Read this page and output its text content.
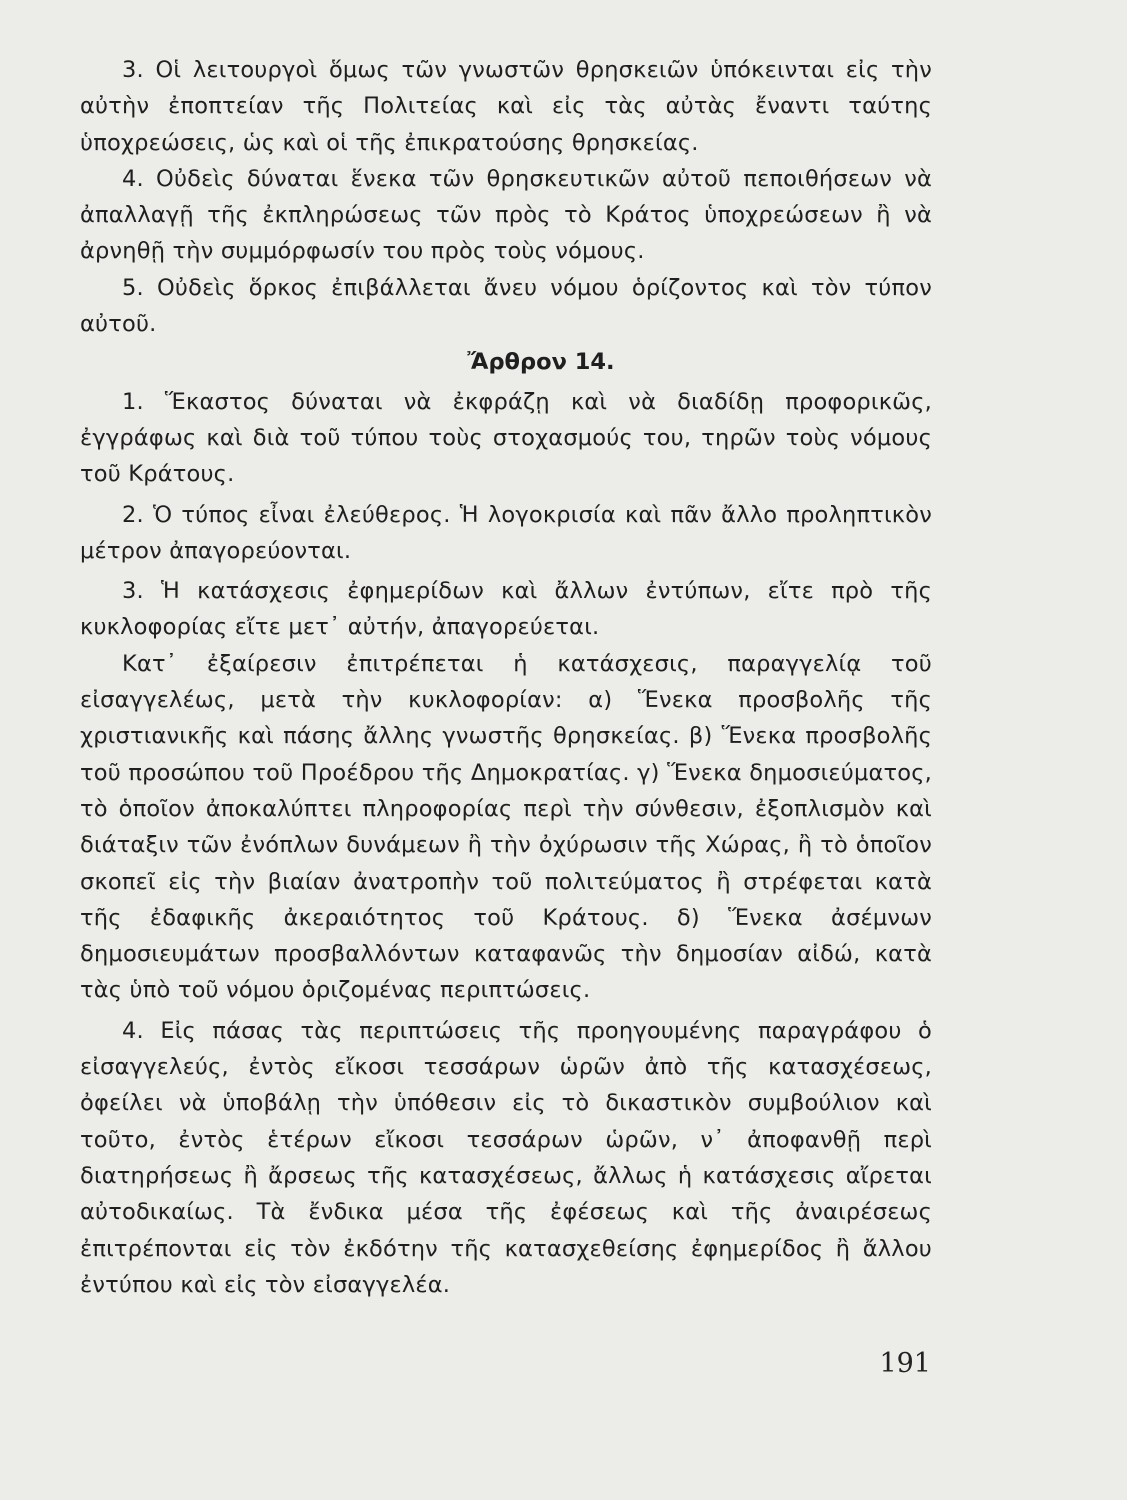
3. Οἱ λειτουργοὶ ὅμως τῶν γνωστῶν θρησκειῶν ὑπόκεινται εἰς τὴν αὐτὴν ἐποπτείαν τῆς Πολιτείας καὶ εἰς τὰς αὐτὰς ἔναντι ταύτης ὑποχρεώσεις, ὡς καὶ οἱ τῆς ἐπικρατούσης θρησκείας.

4. Οὐδεὶς δύναται ἕνεκα τῶν θρησκευτικῶν αὐτοῦ πεποιθήσεων νὰ ἀπαλλαγῇ τῆς ἐκπληρώσεως τῶν πρὸς τὸ Κράτος ὑποχρεώσεων ἢ νὰ ἀρνηθῇ τὴν συμμόρφωσίν του πρὸς τοὺς νόμους.

5. Οὐδεὶς ὅρκος ἐπιβάλλεται ἄνευ νόμου ὁρίζοντος καὶ τὸν τύπον αὐτοῦ.

Ἄρθρον 14.

1. Ἕκαστος δύναται νὰ ἐκφράζῃ καὶ νὰ διαδίδῃ προφορικῶς, ἐγγράφως καὶ διὰ τοῦ τύπου τοὺς στοχασμούς του, τηρῶν τοὺς νόμους τοῦ Κράτους.

2. Ὁ τύπος εἶναι ἐλεύθερος. Ἡ λογοκρισία καὶ πᾶν ἄλλο προληπτικὸν μέτρον ἀπαγορεύονται.

3. Ἡ κατάσχεσις ἐφημερίδων καὶ ἄλλων ἐντύπων, εἴτε πρὸ τῆς κυκλοφορίας εἴτε μετ᾽ αὐτήν, ἀπαγορεύεται.

Κατ᾽ ἐξαίρεσιν ἐπιτρέπεται ἡ κατάσχεσις, παραγγελίᾳ τοῦ εἰσαγγελέως, μετὰ τὴν κυκλοφορίαν: α) Ἕνεκα προσβολῆς τῆς χριστιανικῆς καὶ πάσης ἄλλης γνωστῆς θρησκείας. β) Ἕνεκα προσβολῆς τοῦ προσώπου τοῦ Προέδρου τῆς Δημοκρατίας. γ) Ἕνεκα δημοσιεύματος, τὸ ὁποῖον ἀποκαλύπτει πληροφορίας περὶ τὴν σύνθεσιν, ἐξοπλισμὸν καὶ διάταξιν τῶν ἐνόπλων δυνάμεων ἢ τὴν ὀχύρωσιν τῆς Χώρας, ἢ τὸ ὁποῖον σκοπεῖ εἰς τὴν βιαίαν ἀνατροπὴν τοῦ πολιτεύματος ἢ στρέφεται κατὰ τῆς ἐδαφικῆς ἀκεραιότητος τοῦ Κράτους. δ) Ἕνεκα ἀσέμνων δημοσιευμάτων προσβαλλόντων καταφανῶς τὴν δημοσίαν αἰδώ, κατὰ τὰς ὑπὸ τοῦ νόμου ὁριζομένας περιπτώσεις.

4. Εἰς πάσας τὰς περιπτώσεις τῆς προηγουμένης παραγράφου ὁ εἰσαγγελεύς, ἐντὸς εἴκοσι τεσσάρων ὡρῶν ἀπὸ τῆς κατασχέσεως, ὀφείλει νὰ ὑποβάλῃ τὴν ὑπόθεσιν εἰς τὸ δικαστικὸν συμβούλιον καὶ τοῦτο, ἐντὸς ἑτέρων εἴκοσι τεσσάρων ὡρῶν, ν᾽ ἀποφανθῇ περὶ διατηρήσεως ἢ ἄρσεως τῆς κατασχέσεως, ἄλλως ἡ κατάσχεσις αἴρεται αὐτοδικαίως. Τὰ ἔνδικα μέσα τῆς ἐφέσεως καὶ τῆς ἀναιρέσεως ἐπιτρέπονται εἰς τὸν ἐκδότην τῆς κατασχεθείσης ἐφημερίδος ἢ ἄλλου ἐντύπου καὶ εἰς τὸν εἰσαγγελέα.

191
